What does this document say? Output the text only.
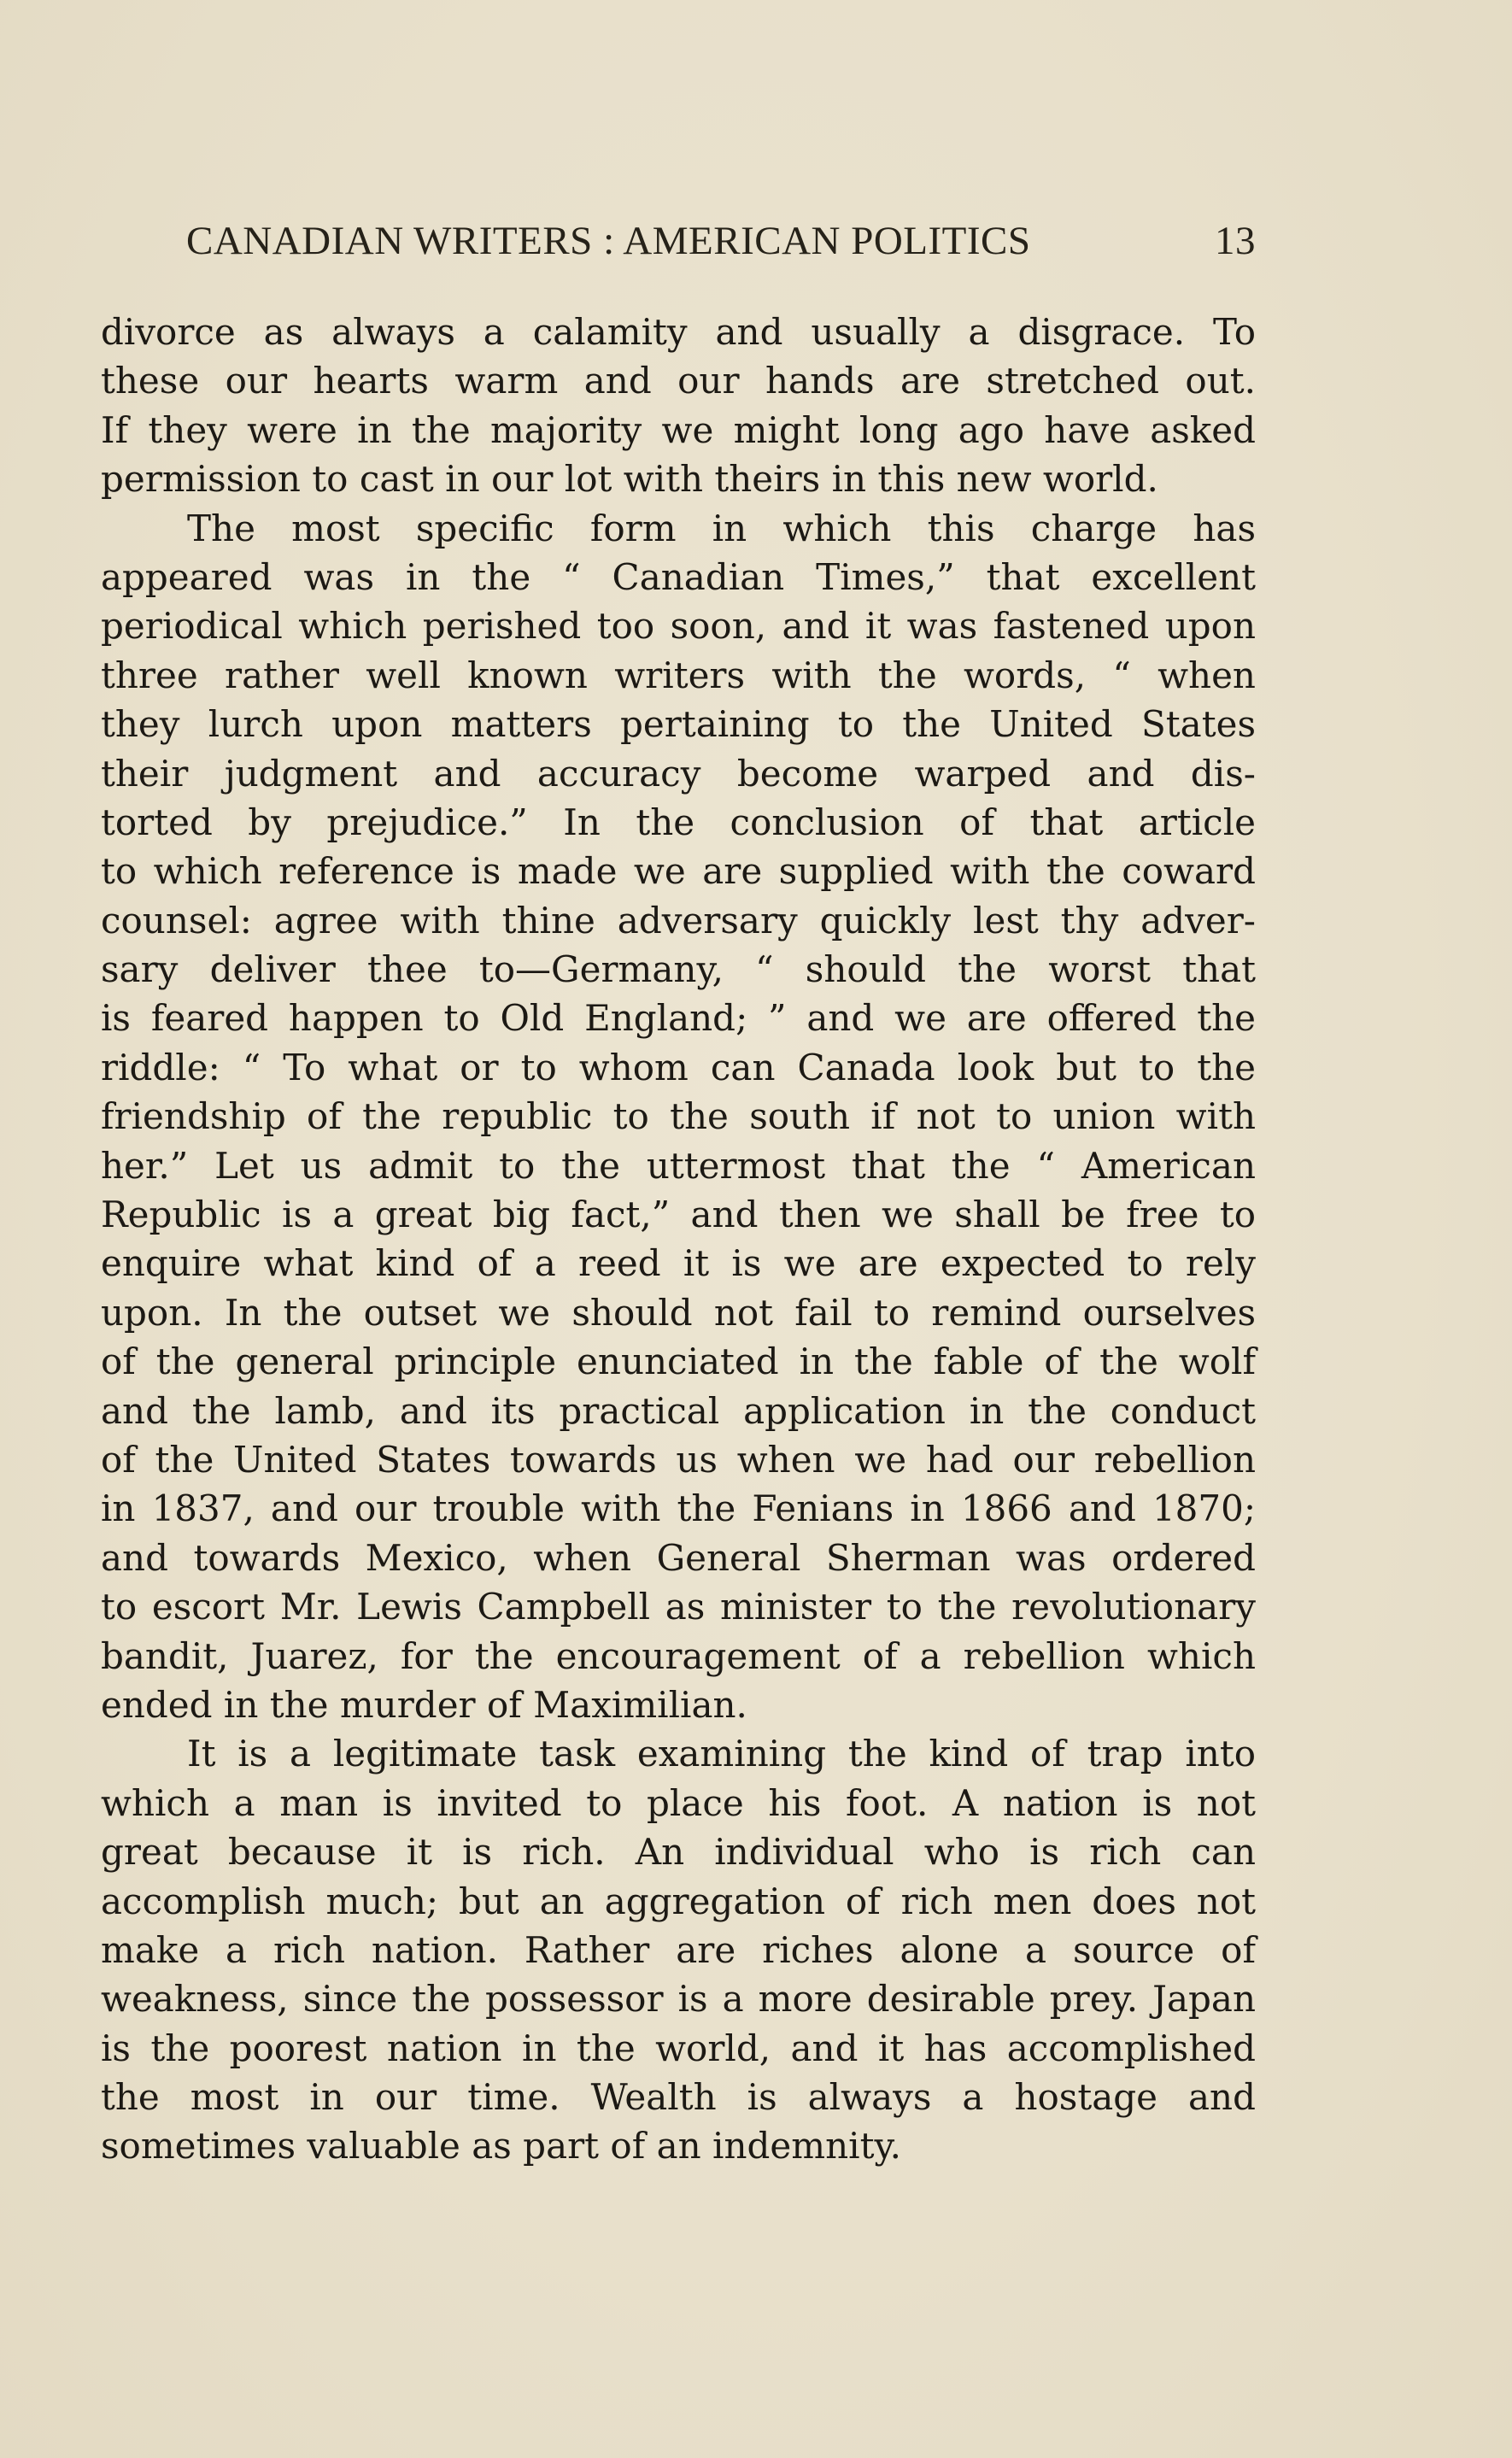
CANADIAN WRITERS : AMERICAN POLITICS	13
divorce as always a calamity and usually a disgrace. To
these our hearts warm and our hands are stretched out.
If they were in the majority we might long ago have asked
permission to cast in our lot with theirs in this new world.
The most specific form in which this charge has
appeared was in the “ Canadian Times,” that excellent
periodical which perished too soon, and it was fastened upon
three rather well known writers with the words, “ when
they lurch upon matters pertaining to the United States
their judgment and accuracy become warped and dis-
torted by prejudice.” In the conclusion of that article
to which reference is made we are supplied with the coward
counsel: agree with thine adversary quickly lest thy adver-
sary deliver thee to—Germany, “ should the worst that
is feared happen to Old England; ” and we are offered the
riddle: “ To what or to whom can Canada look but to the
friendship of the republic to the south if not to union with
her.” Let us admit to the uttermost that the “ American
Republic is a great big fact,” and then we shall be free to
enquire what kind of a reed it is we are expected to rely
upon. In the outset we should not fail to remind ourselves
of the general principle enunciated in the fable of the wolf
and the lamb, and its practical application in the conduct
of the United States towards us when we had our rebellion
in 1837, and our trouble with the Fenians in 1866 and 1870;
and towards Mexico, when General Sherman was ordered
to escort Mr. Lewis Campbell as minister to the revolutionary
bandit, Juarez, for the encouragement of a rebellion which
ended in the murder of Maximilian.
It is a legitimate task examining the kind of trap into
which a man is invited to place his foot. A nation is not
great because it is rich. An individual who is rich can
accomplish much; but an aggregation of rich men does not
make a rich nation. Rather are riches alone a source of
weakness, since the possessor is a more desirable prey. Japan
is the poorest nation in the world, and it has accomplished
the most in our time. Wealth is always a hostage and
sometimes valuable as part of an indemnity.
